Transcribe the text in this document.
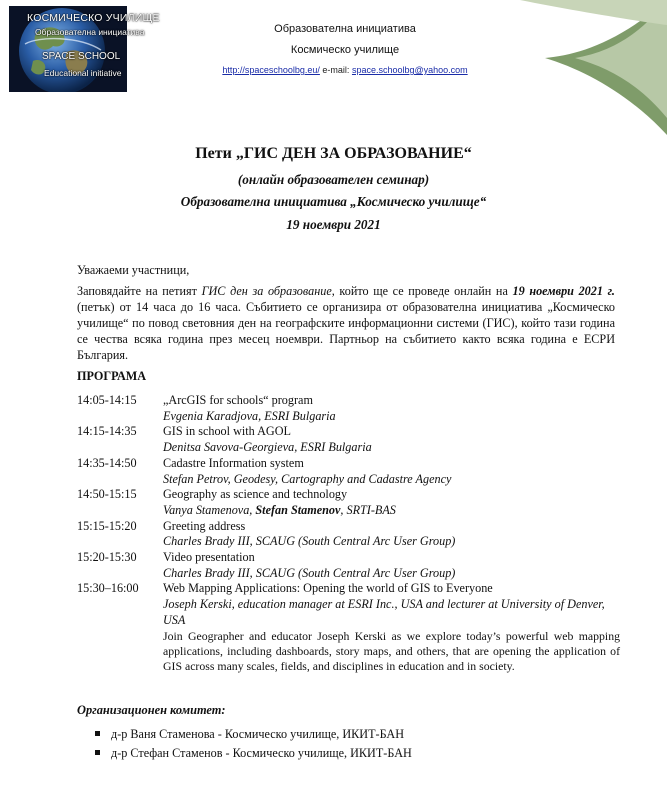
КОСМИЧЕСКО УЧИЛИЩЕ
Образователна инициатива
SPACE SCHOOL
Educational initiative
Образователна инициатива
Космическо училище
http://spaceschoolbg.eu/ e-mail: space.schoolbg@yahoo.com
Пети „ГИС ДЕН ЗА ОБРАЗОВАНИЕ“
(онлайн образователен семинар)
Образователна инициатива „Космическо училище“
19 ноември 2021
Уважаеми участници,
Заповядайте на петият ГИС ден за образование, който ще се проведе онлайн на 19 ноември 2021 г. (петък) от 14 часа до 16 часа. Събитието се организира от образователна инициатива „Космическо училище“ по повод световния ден на географските информационни системи (ГИС), който тази година се чества всяка година през месец ноември. Партньор на събитието както всяка година е ЕСРИ България.
ПРОГРАМА
14:05-14:15	„ArcGIS for schools“ program
Evgenia Karadjova, ESRI Bulgaria
14:15-14:35	GIS in school with AGOL
Denitsa Savova-Georgieva, ESRI Bulgaria
14:35-14:50	Cadastre Information system
Stefan Petrov, Geodesy, Cartography and Cadastre Agency
14:50-15:15	Geography as science and technology
Vanya Stamenova, Stefan Stamenov, SRTI-BAS
15:15-15:20	Greeting address
Charles Brady III, SCAUG (South Central Arc User Group)
15:20-15:30	Video presentation
Charles Brady III, SCAUG (South Central Arc User Group)
15:30–16:00	Web Mapping Applications: Opening the world of GIS to Everyone
Joseph Kerski, education manager at ESRI Inc., USA and lecturer at University of Denver, USA
Join Geographer and educator Joseph Kerski as we explore today’s powerful web mapping applications, including dashboards, story maps, and others, that are opening the application of GIS across many scales, fields, and disciplines in education and in society.
Организационен комитет:
д-р Ваня Стаменова - Космическо училище, ИКИТ-БАН
д-р Стефан Стаменов - Космическо училище, ИКИТ-БАН
